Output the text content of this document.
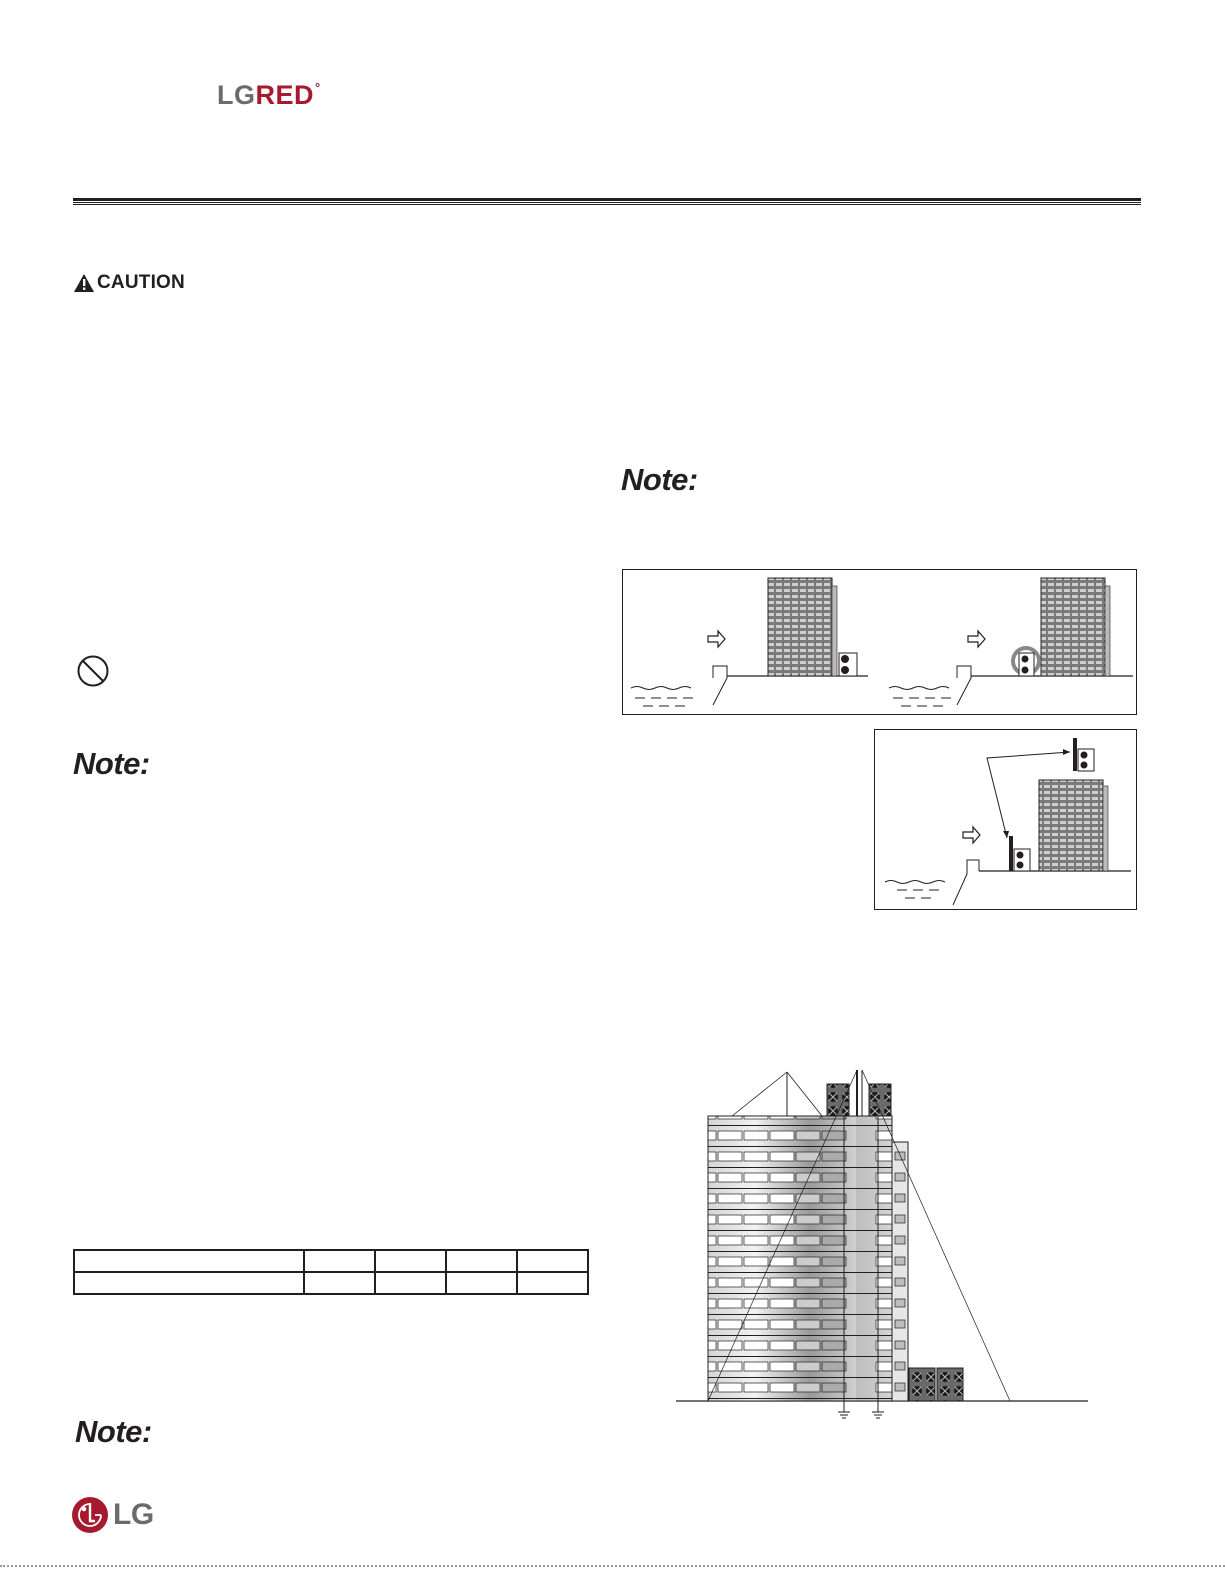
LGRED°
CAUTION
Note:
Note:
Note:

LG
